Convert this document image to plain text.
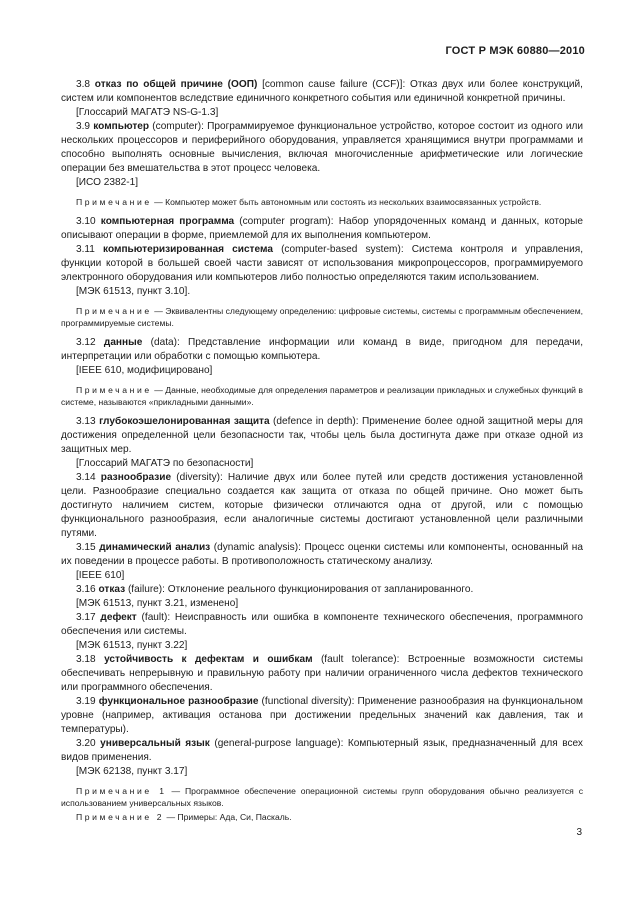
ГОСТ Р МЭК 60880—2010

3.8 отказ по общей причине (ООП) [common cause failure (CCF)]: Отказ двух или более конструкций, систем или компонентов вследствие единичного конкретного события или единичной конкретной причины.

[Глоссарий МАГАТЭ NS-G-1.3]

3.9 компьютер (computer): Программируемое функциональное устройство, которое состоит из одного или нескольких процессоров и периферийного оборудования, управляется хранящимися внутри программами и способно выполнять основные вычисления, включая многочисленные арифметические или логические операции без вмешательства в этот процесс человека.

[ИСО 2382-1]

Примечание — Компьютер может быть автономным или состоять из нескольких взаимосвязанных устройств.

3.10 компьютерная программа (computer program): Набор упорядоченных команд и данных, которые описывают операции в форме, приемлемой для их выполнения компьютером.

3.11 компьютеризированная система (computer-based system): Система контроля и управления, функции которой в большей своей части зависят от использования микропроцессоров, программируемого электронного оборудования или компьютеров либо полностью определяются таким использованием.

[МЭК 61513, пункт 3.10].

Примечание — Эквивалентны следующему определению: цифровые системы, системы с программным обеспечением, программируемые системы.

3.12 данные (data): Представление информации или команд в виде, пригодном для передачи, интерпретации или обработки с помощью компьютера.

[IEEE 610, модифицировано]

Примечание — Данные, необходимые для определения параметров и реализации прикладных и служебных функций в системе, называются «прикладными данными».

3.13 глубокоэшелонированная защита (defence in depth): Применение более одной защитной меры для достижения определенной цели безопасности так, чтобы цель была достигнута даже при отказе одной из защитных мер.

[Глоссарий МАГАТЭ по безопасности]

3.14 разнообразие (diversity): Наличие двух или более путей или средств достижения установленной цели. Разнообразие специально создается как защита от отказа по общей причине. Оно может быть достигнуто наличием систем, которые физически отличаются одна от другой, или с помощью функционального разнообразия, если аналогичные системы достигают установленной цели различными путями.

3.15 динамический анализ (dynamic analysis): Процесс оценки системы или компоненты, основанный на их поведении в процессе работы. В противоположность статическому анализу.

[IEEE 610]

3.16 отказ (failure): Отклонение реального функционирования от запланированного.

[МЭК 61513, пункт 3.21, изменено]

3.17 дефект (fault): Неисправность или ошибка в компоненте технического обеспечения, программного обеспечения или системы.

[МЭК 61513, пункт 3.22]

3.18 устойчивость к дефектам и ошибкам (fault tolerance): Встроенные возможности системы обеспечивать непрерывную и правильную работу при наличии ограниченного числа дефектов технического или программного обеспечения.

3.19 функциональное разнообразие (functional diversity): Применение разнообразия на функциональном уровне (например, активация останова при достижении предельных значений как давления, так и температуры).

3.20 универсальный язык (general-purpose language): Компьютерный язык, предназначенный для всех видов применения.

[МЭК 62138, пункт 3.17]

Примечание 1 — Программное обеспечение операционной системы групп оборудования обычно реализуется с использованием универсальных языков.

Примечание 2 — Примеры: Ада, Си, Паскаль.

3
